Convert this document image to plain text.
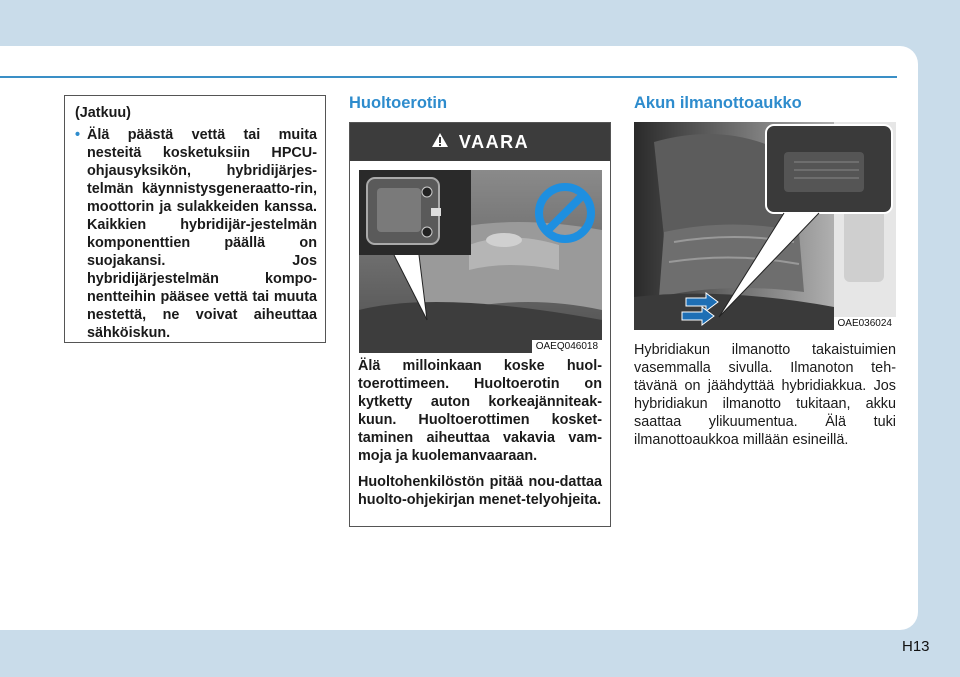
(Jatkuu)
• Älä päästä vettä tai muita nesteitä kosketuksiin HPCU-ohjausyksikön, hybridijärjes-telmän käynnistysgeneraatto-rin, moottorin ja sulakkeiden kanssa. Kaikkien hybridijär-jestelmän komponenttien päällä on suojakansi. Jos hybridijärjestelmän kompo-nentteihin pääsee vettä tai muuta nestettä, ne voivat aiheuttaa sähköiskun.
Huoltoerotin
VAARA
OAEQ046018

Älä milloinkaan koske huol-toerottimeen. Huoltoerotin on kytketty auton korkeajänniteak-kuun. Huoltoerottimen kosket-taminen aiheuttaa vakavia vam-moja ja kuolemanvaaraan.

Huoltohenkilöstön pitää nou-dattaa huolto-ohjekirjan menet-telyohjeita.

Akun ilmanottoaukko
OAE036024
Hybridiakun ilmanotto takaistuimien vasemmalla sivulla. Ilmanoton teh-tävänä on jäähdyttää hybridiakkua. Jos hybridiakun ilmanotto tukitaan, akku saattaa ylikuumentua. Älä tuki ilmanottoaukkoa millään esineillä.
H13
